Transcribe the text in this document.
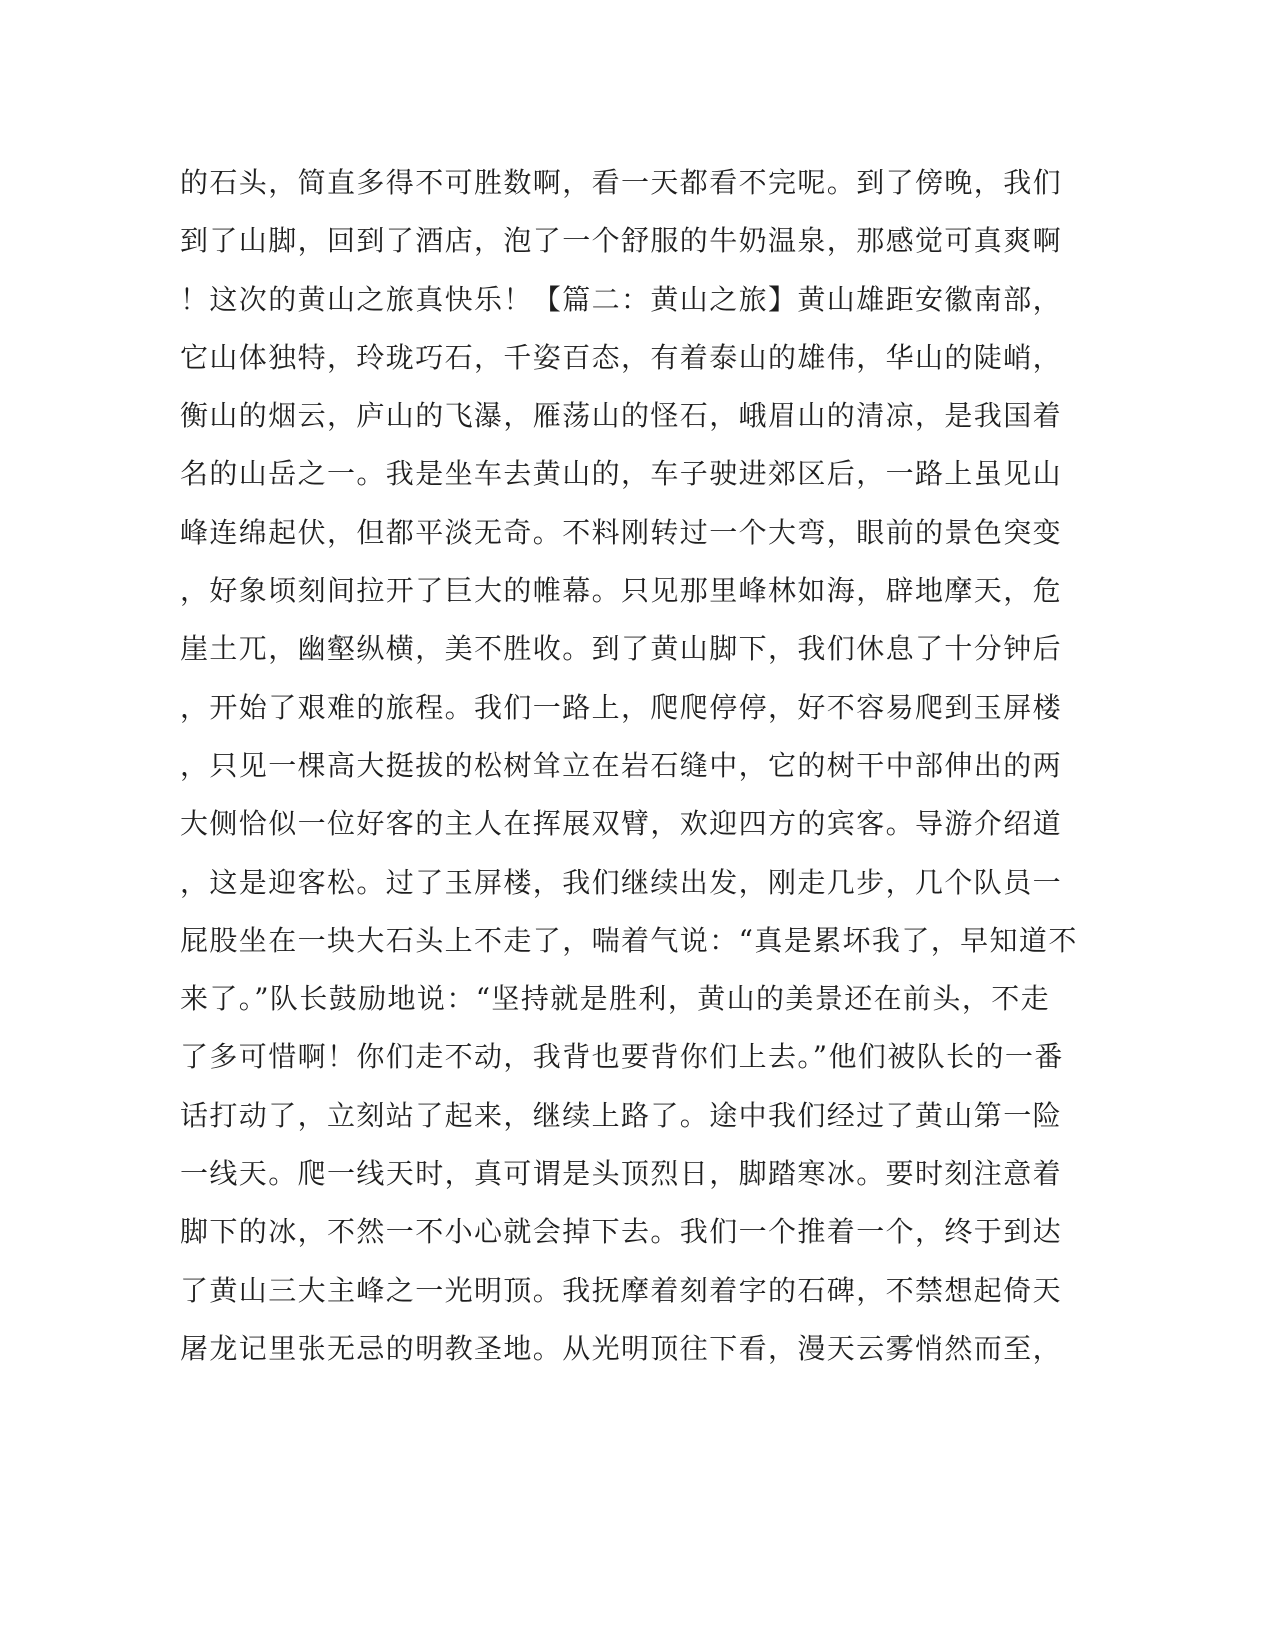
的石头，简直多得不可胜数啊，看一天都看不完呢。到了傍晚，我们
到了山脚，回到了酒店，泡了一个舒服的牛奶温泉，那感觉可真爽啊
！这次的黄山之旅真快乐！【篇二：黄山之旅】黄山雄距安徽南部，
它山体独特，玲珑巧石，千姿百态，有着泰山的雄伟，华山的陡峭，
衡山的烟云，庐山的飞瀑，雁荡山的怪石，峨眉山的清凉，是我国着
名的山岳之一。我是坐车去黄山的，车子驶进郊区后，一路上虽见山
峰连绵起伏，但都平淡无奇。不料刚转过一个大弯，眼前的景色突变
，好象顷刻间拉开了巨大的帷幕。只见那里峰林如海，辟地摩天，危
崖土兀，幽壑纵横，美不胜收。到了黄山脚下，我们休息了十分钟后
，开始了艰难的旅程。我们一路上，爬爬停停，好不容易爬到玉屏楼
，只见一棵高大挺拔的松树耸立在岩石缝中，它的树干中部伸出的两
大侧恰似一位好客的主人在挥展双臂，欢迎四方的宾客。导游介绍道
，这是迎客松。过了玉屏楼，我们继续出发，刚走几步，几个队员一
屁股坐在一块大石头上不走了，喘着气说：“真是累坏我了，早知道不
来了。”队长鼓励地说：“坚持就是胜利，黄山的美景还在前头，不走
了多可惜啊！你们走不动，我背也要背你们上去。”他们被队长的一番
话打动了，立刻站了起来，继续上路了。途中我们经过了黄山第一险
一线天。爬一线天时，真可谓是头顶烈日，脚踏寒冰。要时刻注意着
脚下的冰，不然一不小心就会掉下去。我们一个推着一个，终于到达
了黄山三大主峰之一光明顶。我抚摩着刻着字的石碑，不禁想起倚天
屠龙记里张无忌的明教圣地。从光明顶往下看，漫天云雾悄然而至，
